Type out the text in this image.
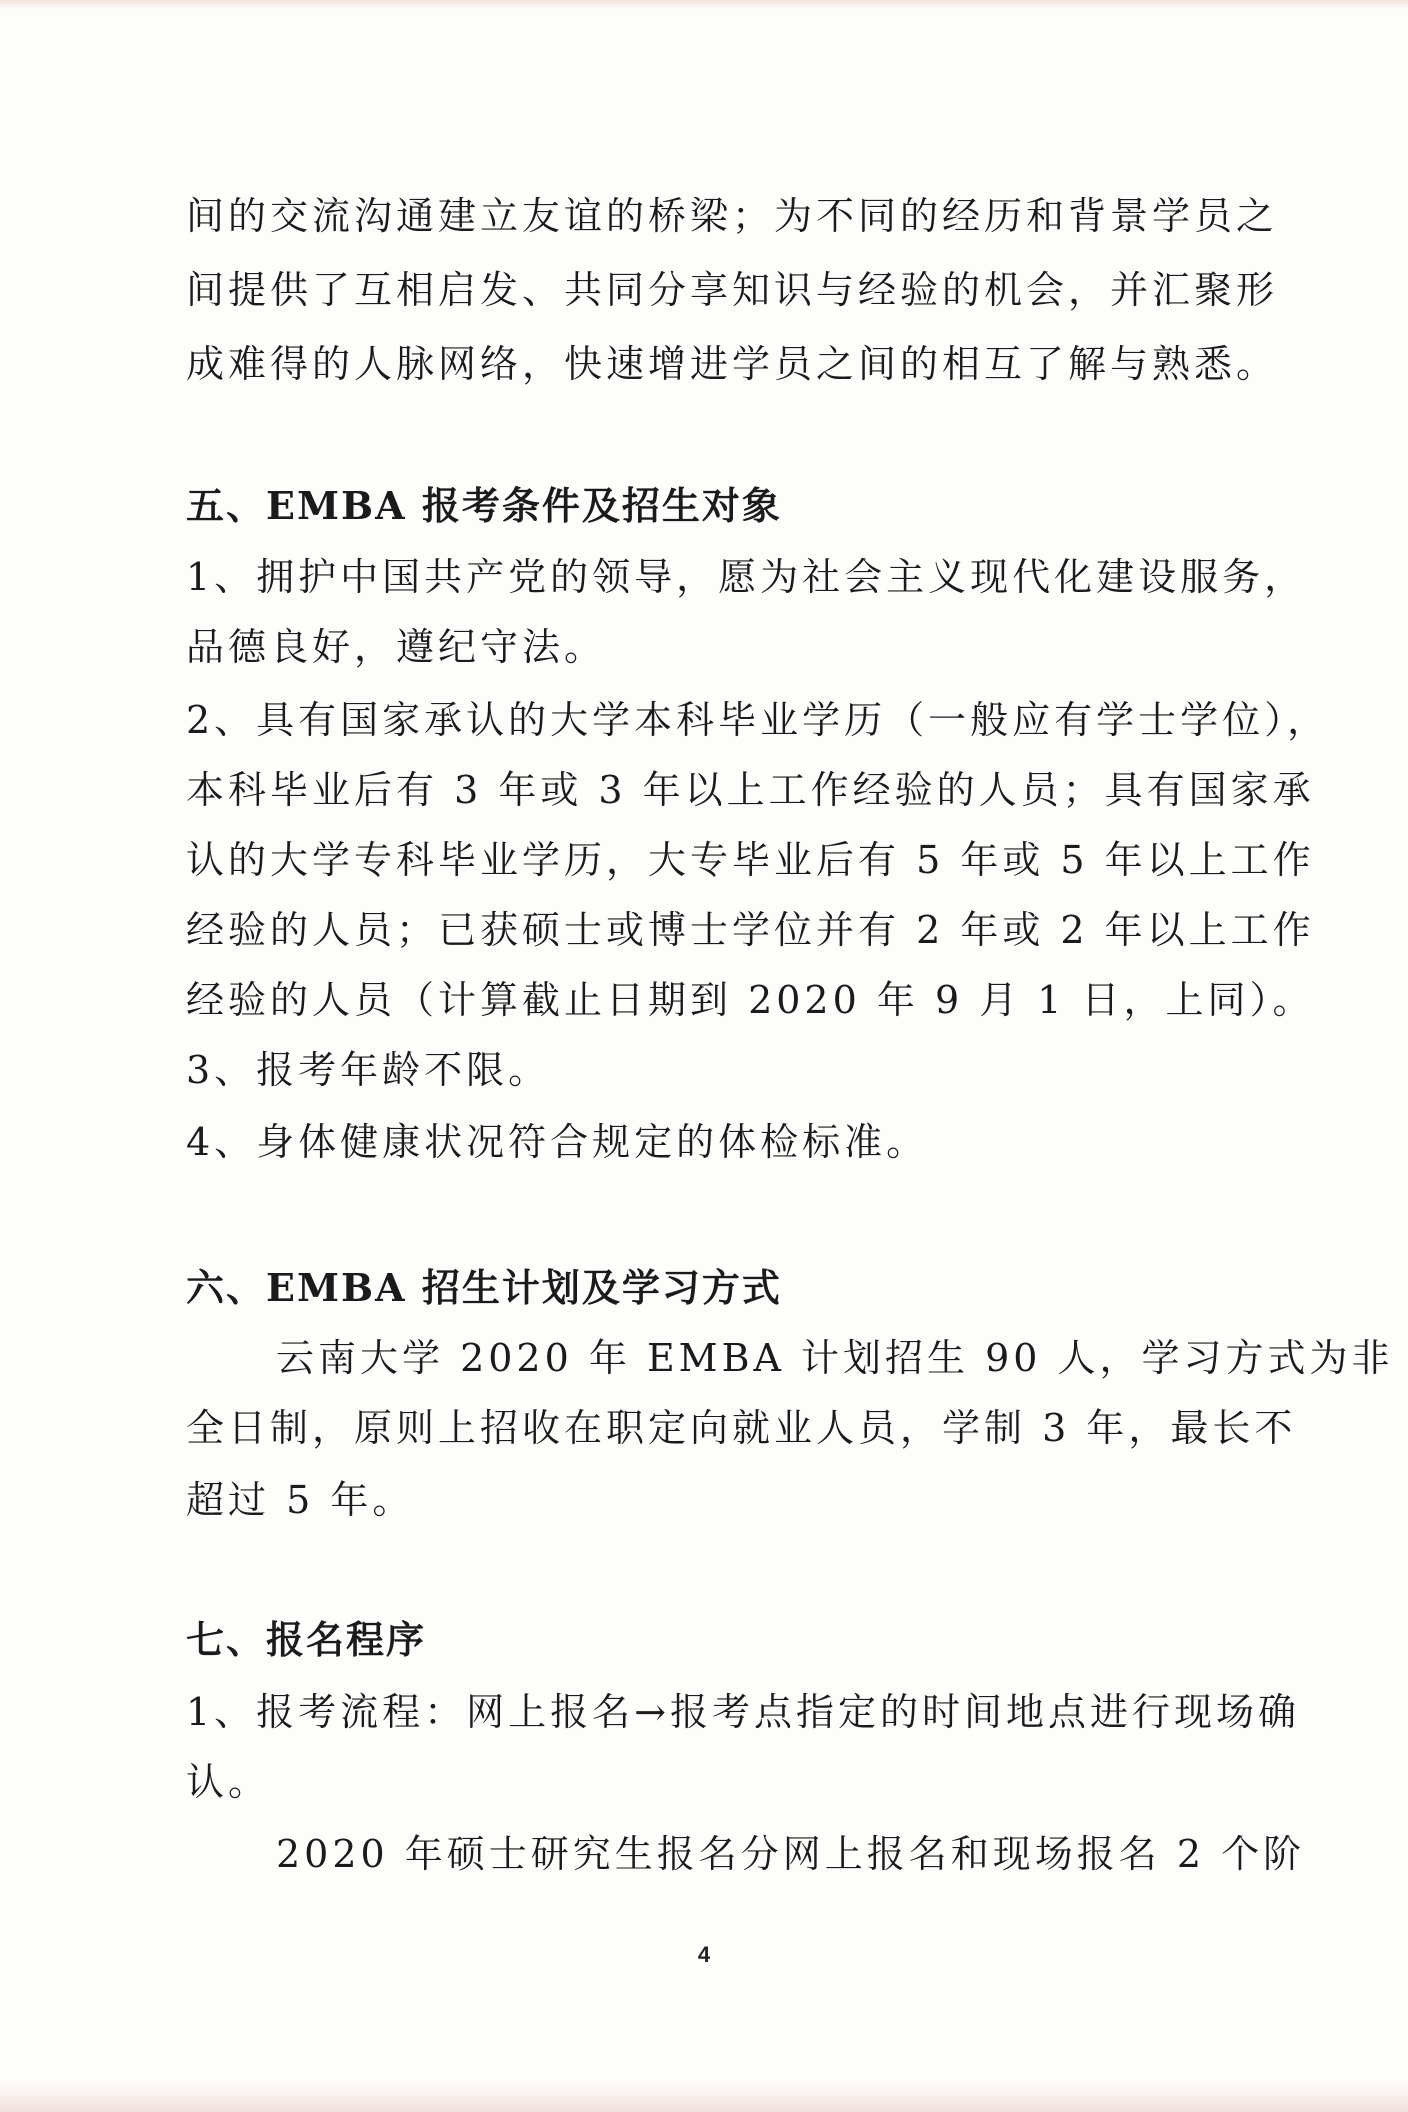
间的交流沟通建立友谊的桥梁；为不同的经历和背景学员之

间提供了互相启发、共同分享知识与经验的机会，并汇聚形

成难得的人脉网络，快速增进学员之间的相互了解与熟悉。

五、EMBA 报考条件及招生对象

1、拥护中国共产党的领导，愿为社会主义现代化建设服务，

品德良好，遵纪守法。

2、具有国家承认的大学本科毕业学历（一般应有学士学位），

本科毕业后有 3 年或 3 年以上工作经验的人员；具有国家承

认的大学专科毕业学历，大专毕业后有 5 年或 5 年以上工作

经验的人员；已获硕士或博士学位并有 2 年或 2 年以上工作

经验的人员（计算截止日期到 2020 年 9 月 1 日，上同）。

3、报考年龄不限。

4、身体健康状况符合规定的体检标准。

六、EMBA 招生计划及学习方式

云南大学 2020 年 EMBA 计划招生 90 人，学习方式为非

全日制，原则上招收在职定向就业人员，学制 3 年，最长不

超过 5 年。

七、报名程序

1、报考流程：网上报名→报考点指定的时间地点进行现场确

认。

2020 年硕士研究生报名分网上报名和现场报名 2 个阶

4
